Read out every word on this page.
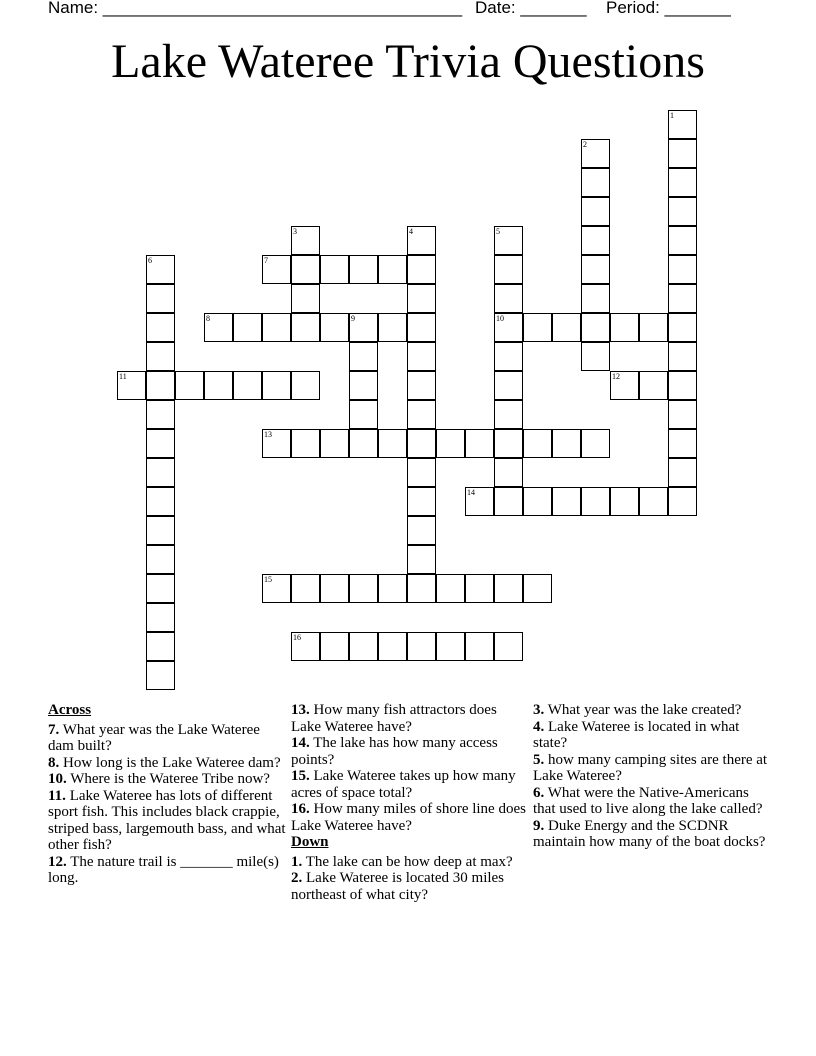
Name: ______________________________________ Date: _______ Period: _______
Lake Wateree Trivia Questions
1
2
3	4	5
10
6	7
8	9
11	12
13
14
15
16
Across
7. What year was the Lake Wateree dam built?
8. How long is the Lake Wateree dam?
10. Where is the Wateree Tribe now?
11. Lake Wateree has lots of different sport fish. This includes black crappie, striped bass, largemouth bass, and what other fish?
12. The nature trail is _______ mile(s) long.
13. How many fish attractors does Lake Wateree have?
14. The lake has how many access points?
15. Lake Wateree takes up how many acres of space total?
16. How many miles of shore line does Lake Wateree have?
Down
1. The lake can be how deep at max?
2. Lake Wateree is located 30 miles northeast of what city?
3. What year was the lake created?
4. Lake Wateree is located in what state?
5. how many camping sites are there at Lake Wateree?
6. What were the Native-Americans that used to live along the lake called?
9. Duke Energy and the SCDNR maintain how many of the boat docks?
